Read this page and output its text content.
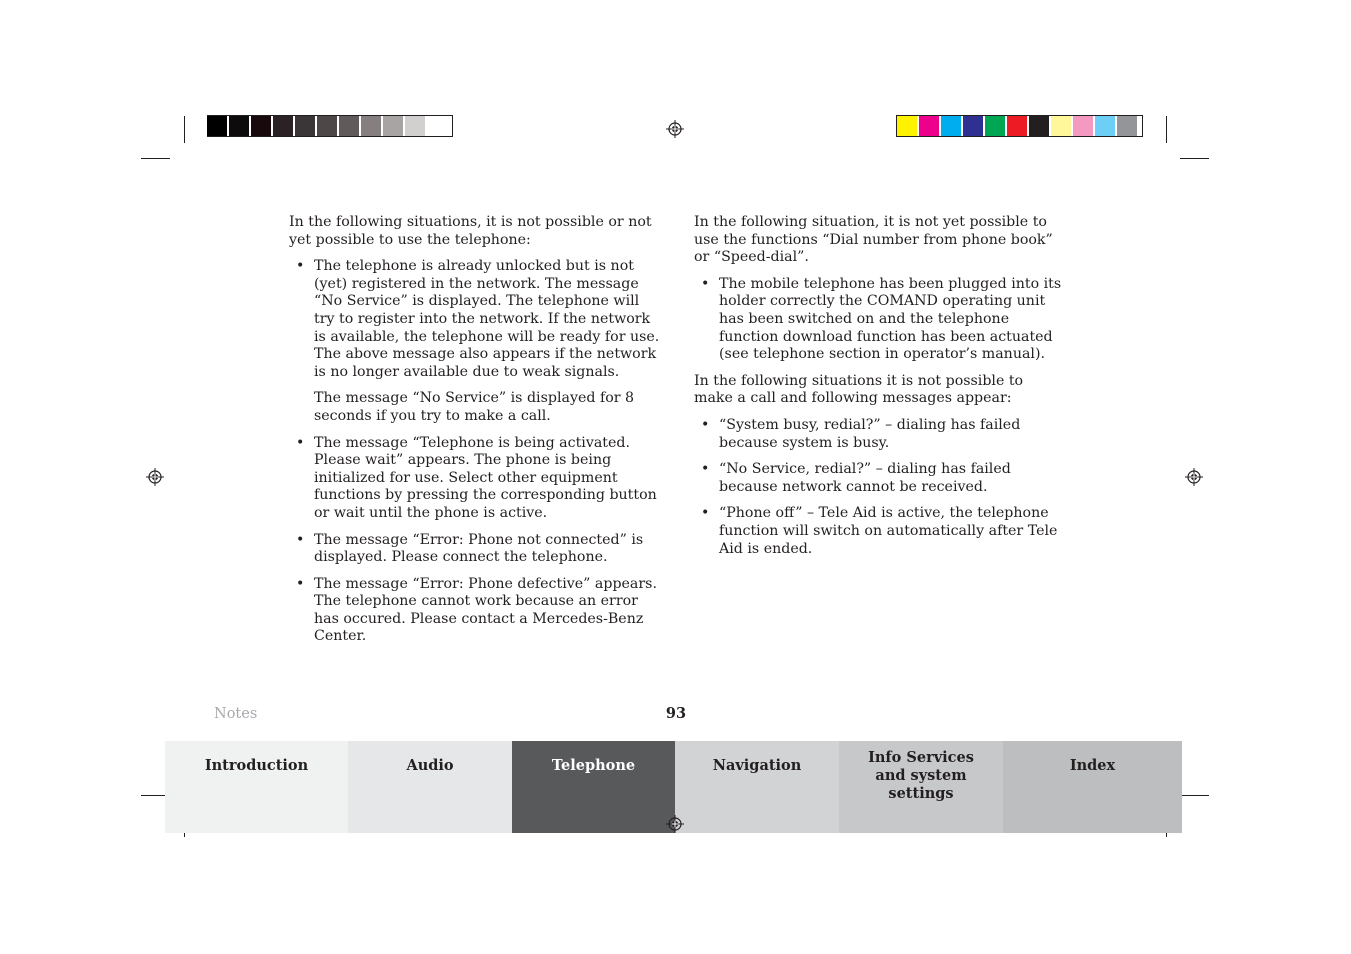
In the following situations, it is not possible or not yet possible to use the telephone:

• The telephone is already unlocked but is not (yet) registered in the network. The message “No Service” is displayed. The telephone will try to register into the network. If the network is available, the telephone will be ready for use. The above message also appears if the network is no longer available due to weak signals.
The message “No Service” is displayed for 8 seconds if you try to make a call.
• The message “Telephone is being activated. Please wait” appears. The phone is being initialized for use. Select other equipment functions by pressing the corresponding button or wait until the phone is active.
• The message “Error: Phone not connected” is displayed. Please connect the telephone.
• The message “Error: Phone defective” appears. The telephone cannot work because an error has occured. Please contact a Mercedes-Benz Center.

In the following situation, it is not yet possible to use the functions “Dial number from phone book” or “Speed-dial”.

• The mobile telephone has been plugged into its holder correctly the COMAND operating unit has been switched on and the telephone function download function has been actuated (see telephone section in operator’s manual).

In the following situations it is not possible to make a call and following messages appear:

• “System busy, redial?” – dialing has failed because system is busy.
• “No Service, redial?” – dialing has failed because network cannot be received.
• “Phone off” – Tele Aid is active, the telephone function will switch on automatically after Tele Aid is ended.
Notes	93
Introduction	Audio	Telephone	Navigation	Info Services and system settings
Index
